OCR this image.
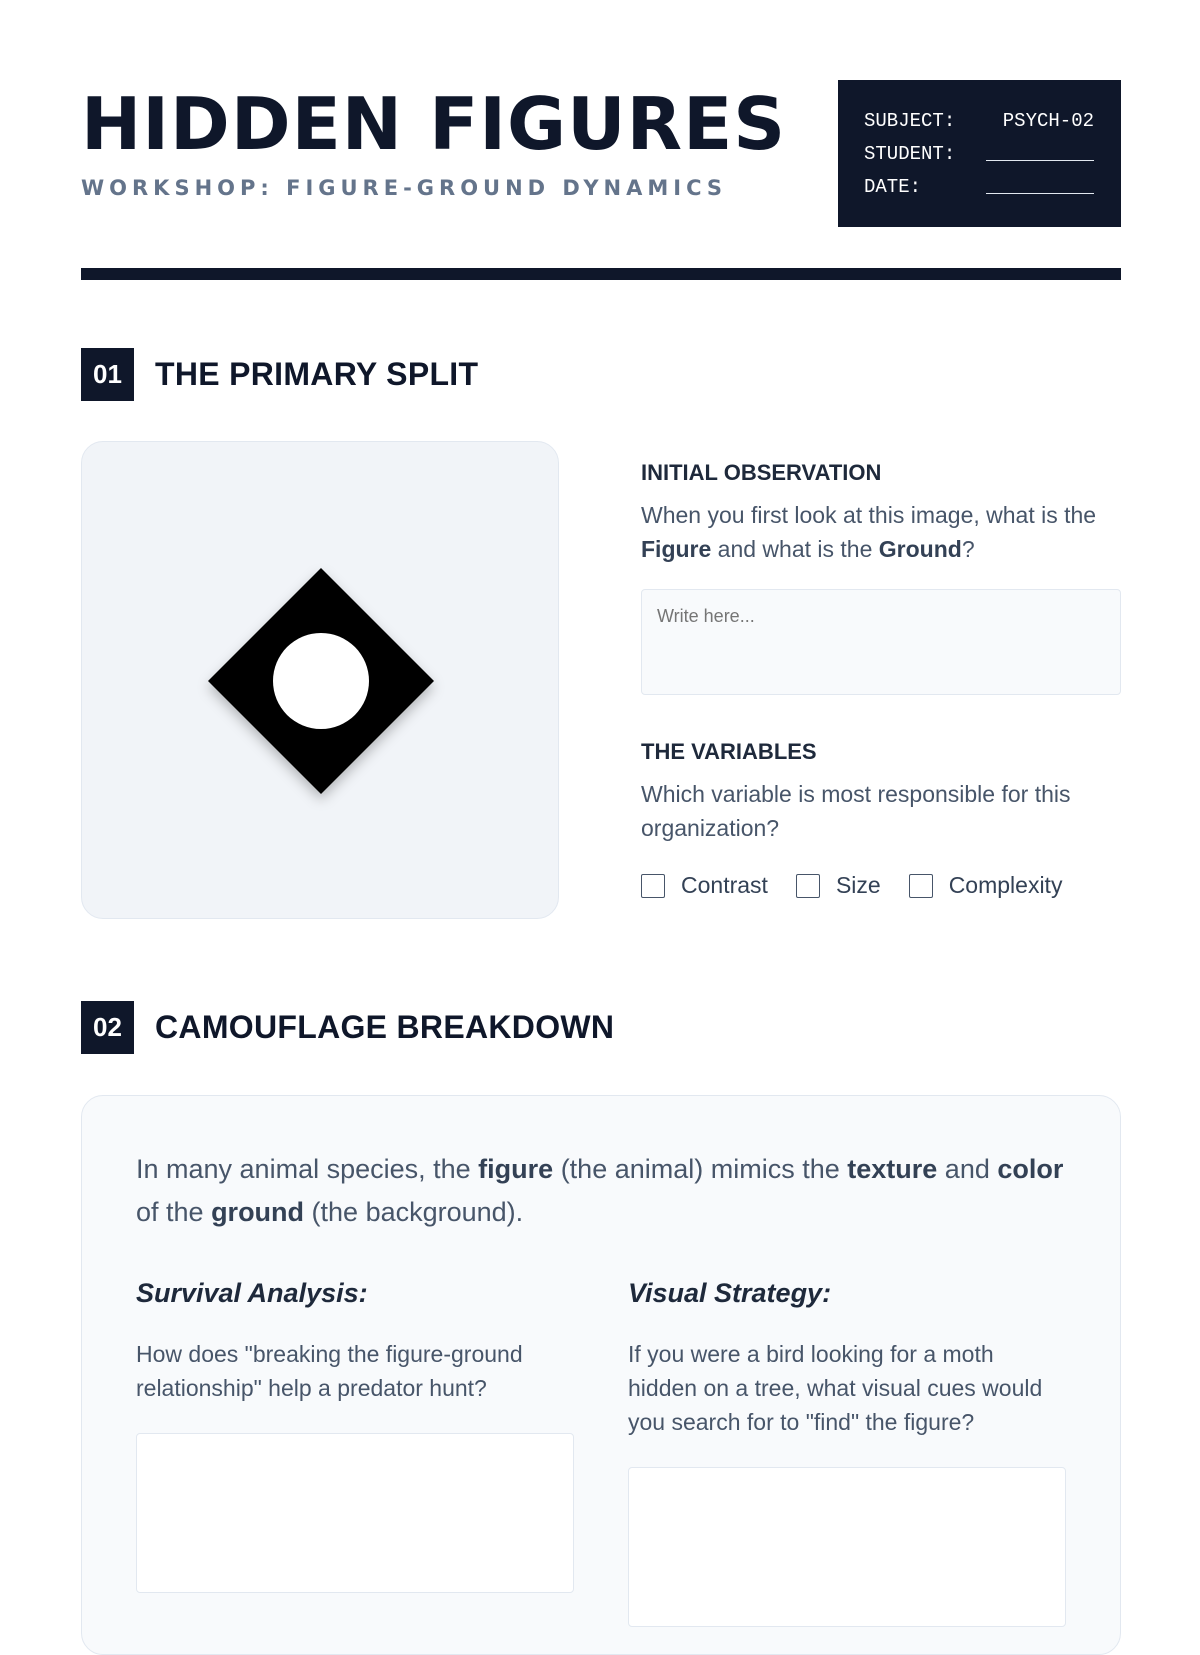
HIDDEN FIGURES
WORKSHOP: FIGURE-GROUND DYNAMICS
SUBJECT:	PSYCH-02
STUDENT:
DATE:
01	THE PRIMARY SPLIT
INITIAL OBSERVATION
When you first look at this image, what is the Figure and what is the Ground?
Write here...
THE VARIABLES
Which variable is most responsible for this organization?
Contrast	Size	Complexity
02	CAMOUFLAGE BREAKDOWN
In many animal species, the figure (the animal) mimics the texture and color of the ground (the background).
Survival Analysis:
How does "breaking the figure-ground relationship" help a predator hunt?
Visual Strategy:
If you were a bird looking for a moth hidden on a tree, what visual cues would you search for to "find" the figure?
